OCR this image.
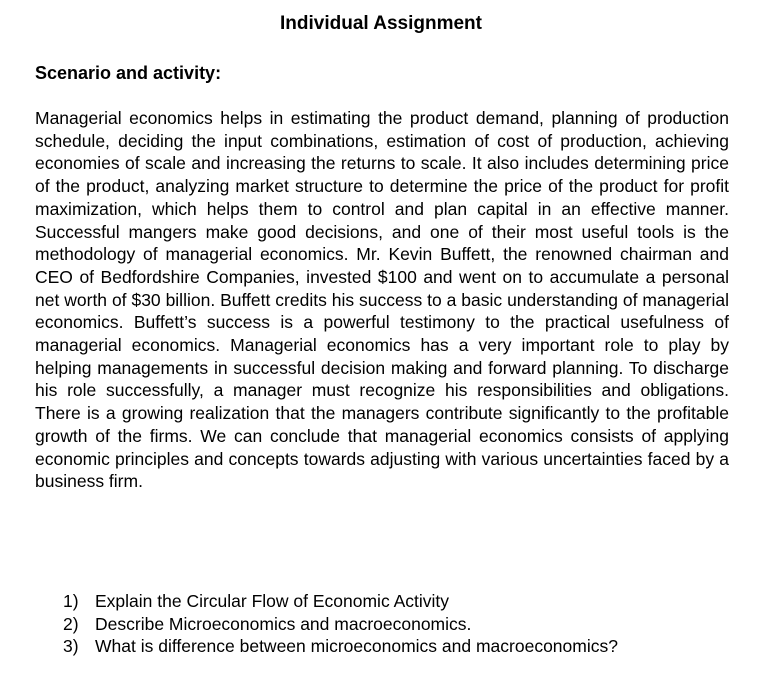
Individual Assignment
Scenario and activity:

Managerial economics helps in estimating the product demand, planning of production schedule, deciding the input combinations, estimation of cost of production, achieving economies of scale and increasing the returns to scale. It also includes determining price of the product, analyzing market structure to determine the price of the product for profit maximization, which helps them to control and plan capital in an effective manner. Successful mangers make good decisions, and one of their most useful tools is the methodology of managerial economics. Mr. Kevin Buffett, the renowned chairman and CEO of Bedfordshire Companies, invested $100 and went on to accumulate a personal net worth of $30 billion. Buffett credits his success to a basic understanding of managerial economics. Buffett’s success is a powerful testimony to the practical usefulness of managerial economics. Managerial economics has a very important role to play by helping managements in successful decision making and forward planning. To discharge his role successfully, a manager must recognize his responsibilities and obligations. There is a growing realization that the managers contribute significantly to the profitable growth of the firms. We can conclude that managerial economics consists of applying economic principles and concepts towards adjusting with various uncertainties faced by a business firm.

1) Explain the Circular Flow of Economic Activity
2) Describe Microeconomics and macroeconomics.
3) What is difference between microeconomics and macroeconomics?
